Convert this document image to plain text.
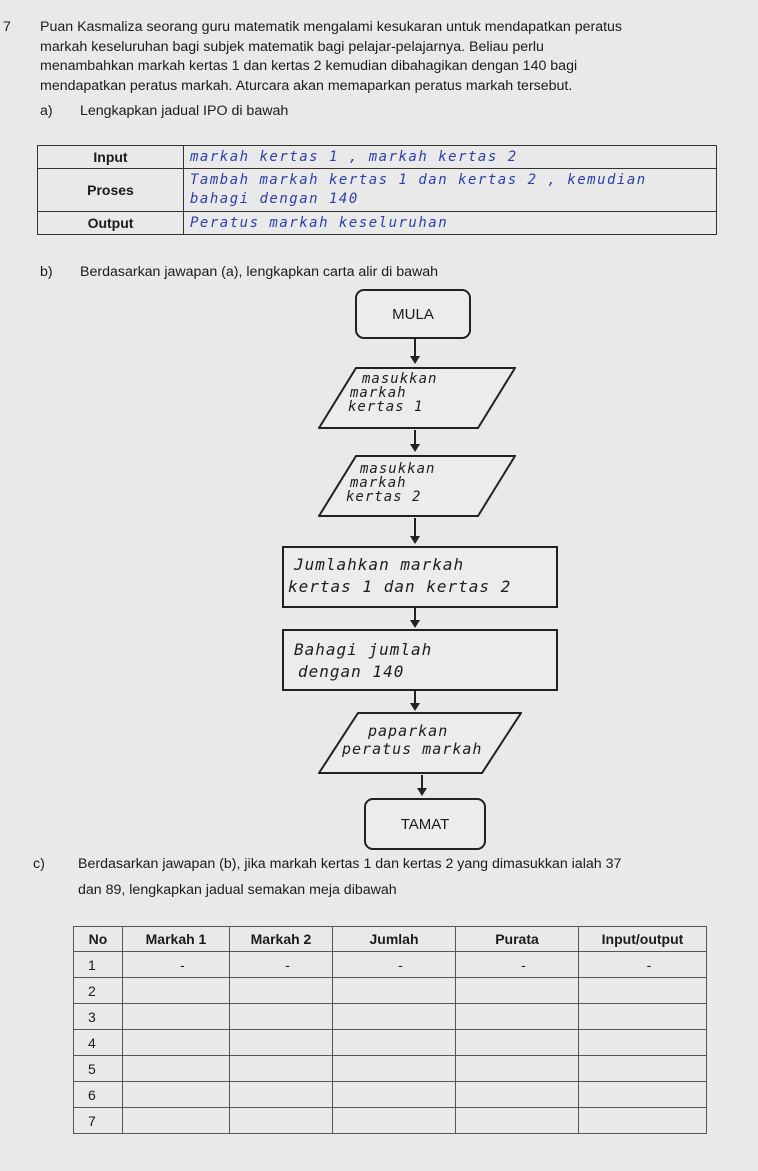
7 Puan Kasmaliza seorang guru matematik mengalami kesukaran untuk mendapatkan peratus
markah keseluruhan bagi subjek matematik bagi pelajar-pelajarnya. Beliau perlu
menambahkan markah kertas 1 dan kertas 2 kemudian dibahagikan dengan 140 bagi
mendapatkan peratus markah. Aturcara akan memaparkan peratus markah tersebut.
a) Lengkapkan jadual IPO di bawah
Input	markah kertas 1 , markah kertas 2
Proses	Tambah markah kertas 1 dan kertas 2 , kemudian
bahagi dengan 140

Output	Peratus markah keseluruhan
b) Berdasarkan jawapan (a), lengkapkan carta alir di bawah
MULA
masukkan
markah
kertas 1
masukkan
markah
kertas 2
Jumlahkan markah
kertas 1 dan kertas 2
Bahagi jumlah
dengan 140
paparkan
peratus markah
TAMAT
c) Berdasarkan jawapan (b), jika markah kertas 1 dan kertas 2 yang dimasukkan ialah 37
dan 89, lengkapkan jadual semakan meja dibawah
No	Markah 1	Markah 2	Jumlah	Purata	Input/output
1	-	-	-	-	-
2					
3					
4					
5					
6					
7					
